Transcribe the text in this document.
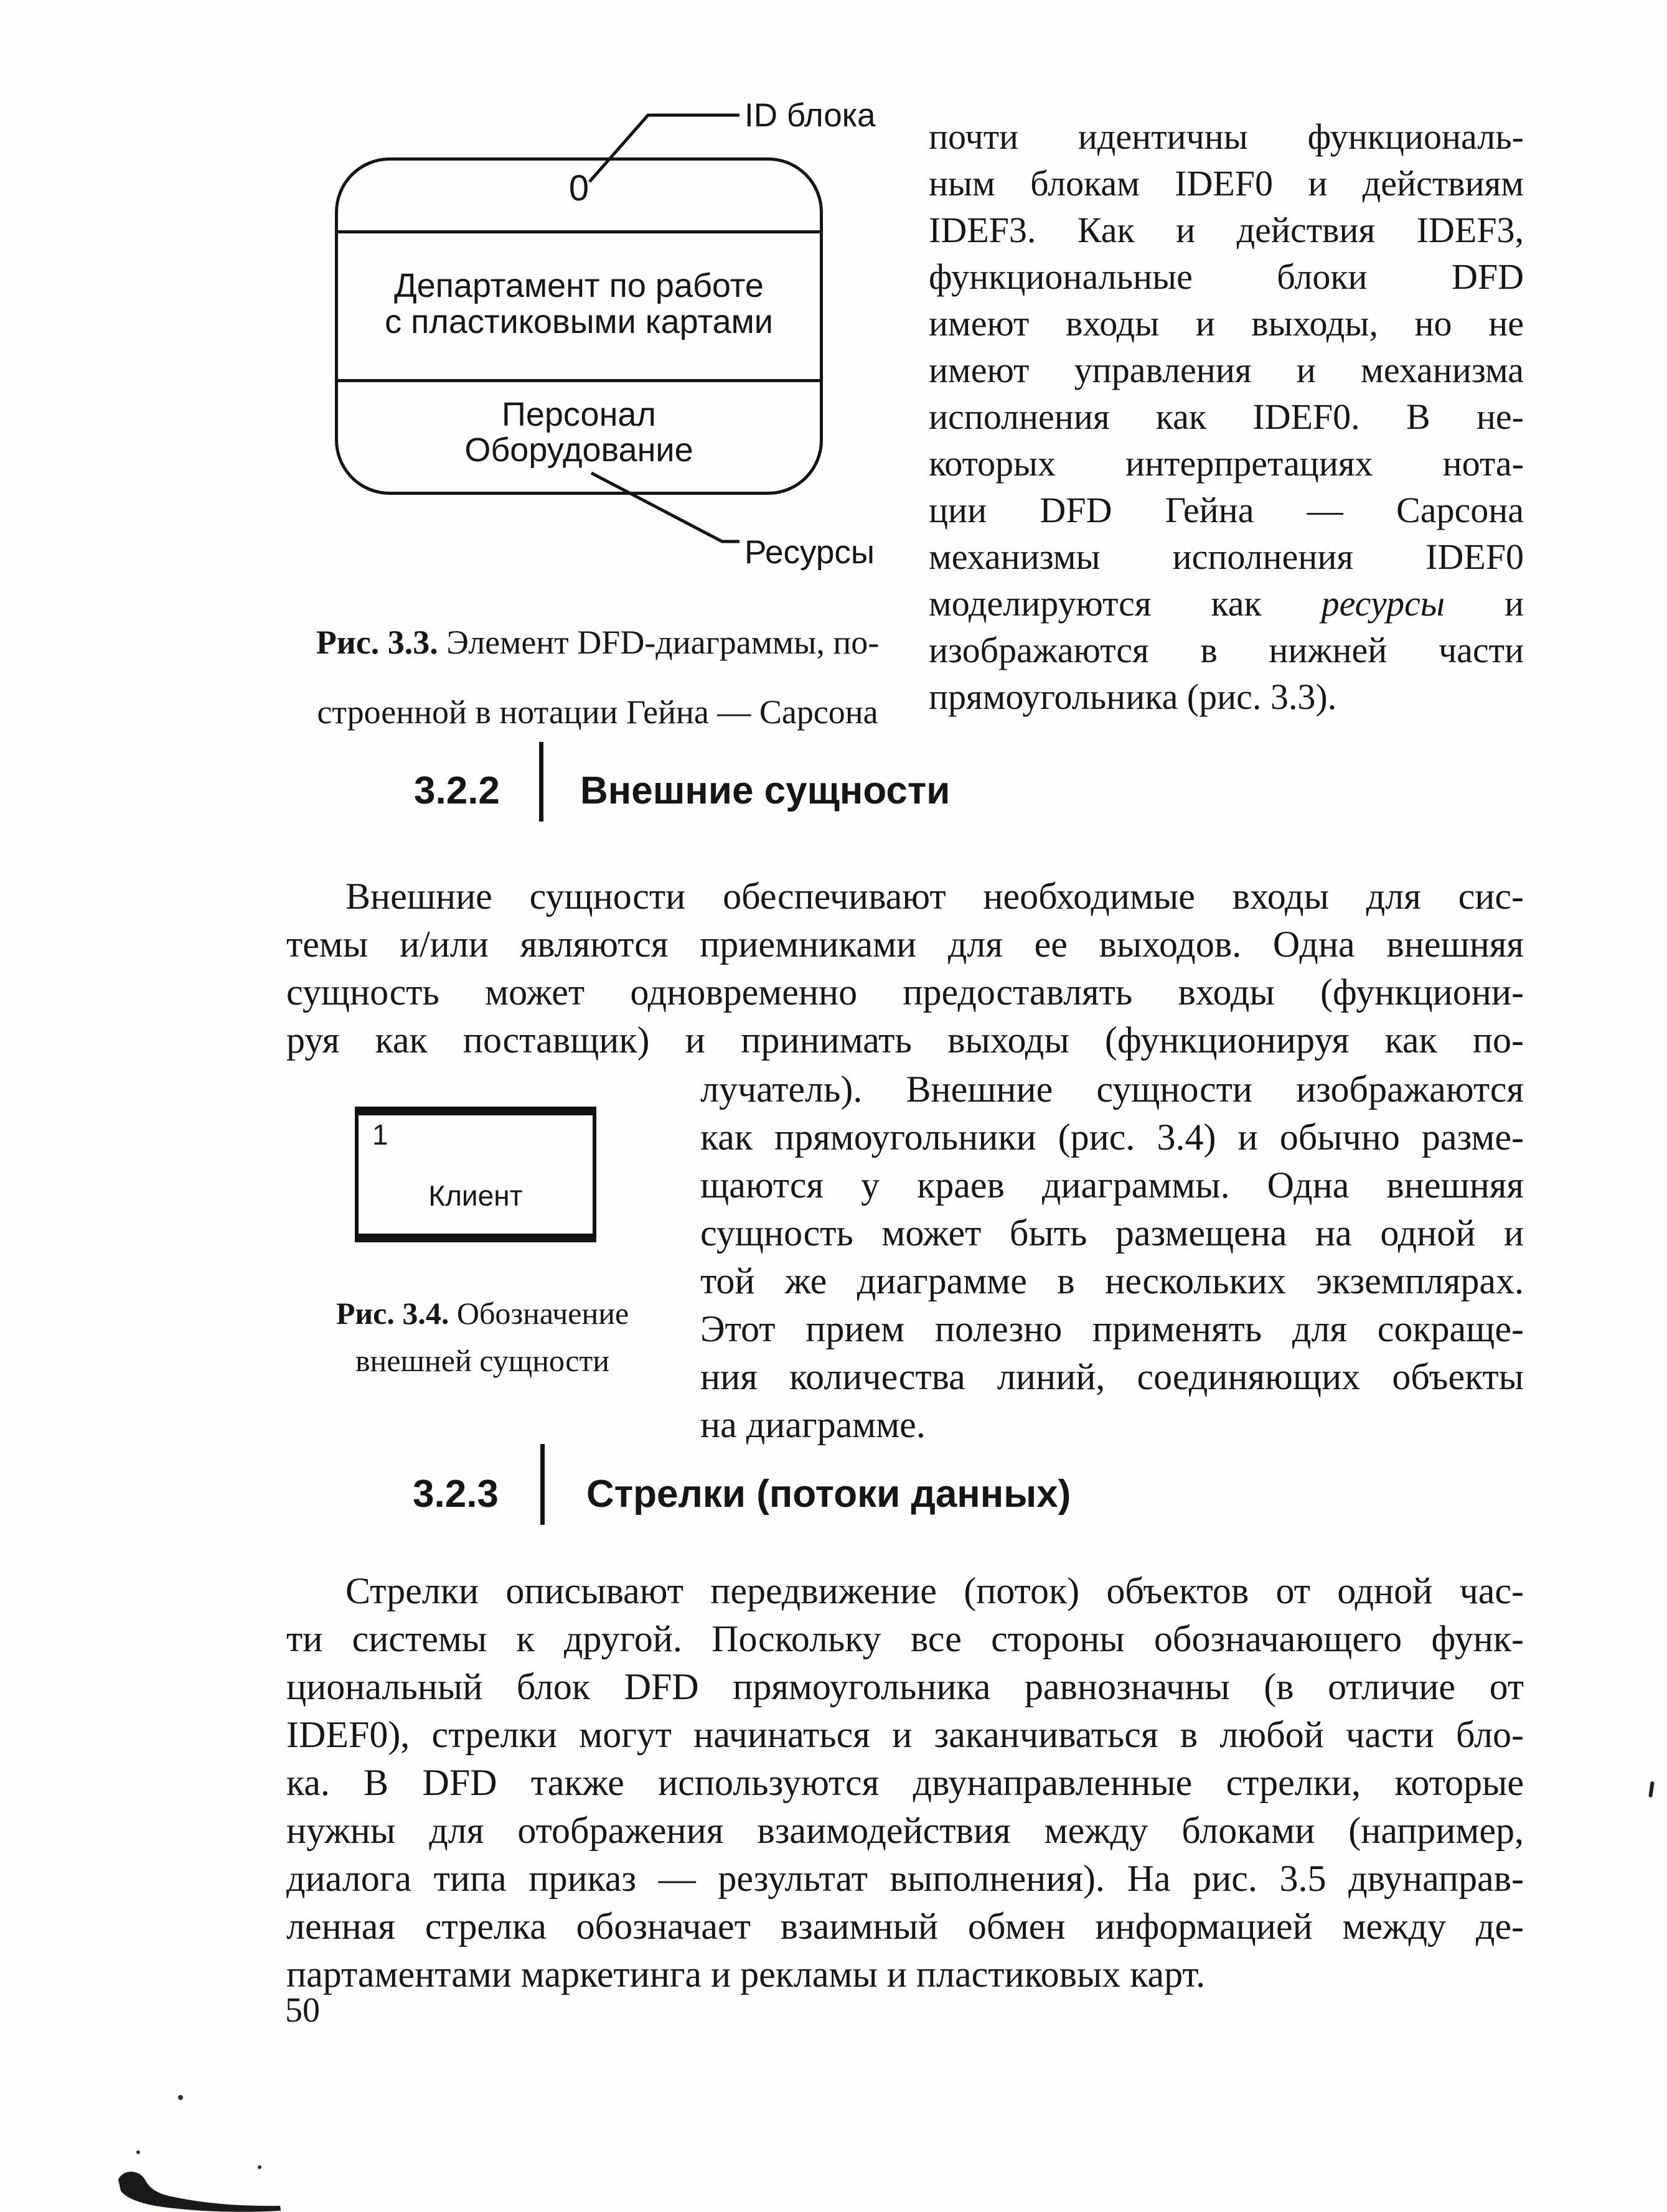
ID блока
0
Департамент по работе
с пластиковыми картами
Персонал
Оборудование
Ресурсы
Рис. 3.3. Элемент DFD-диаграммы, по-
строенной в нотации Гейна — Сарсона
почти идентичны функциональ-
ным блокам IDEF0 и действиям
IDEF3. Как и действия IDEF3,
функциональные блоки DFD
имеют входы и выходы, но не
имеют управления и механизма
исполнения как IDEF0. В не-
которых интерпретациях нота-
ции DFD Гейна — Сарсона
механизмы исполнения IDEF0
моделируются как ресурсы и
изображаются в нижней части
прямоугольника (рис. 3.3).
3.2.2 Внешние сущности
Внешние сущности обеспечивают необходимые входы для сис-
темы и/или являются приемниками для ее выходов. Одна внешняя
сущность может одновременно предоставлять входы (функциони-
руя как поставщик) и принимать выходы (функционируя как по-
лучатель). Внешние сущности изображаются
как прямоугольники (рис. 3.4) и обычно разме-
щаются у краев диаграммы. Одна внешняя
сущность может быть размещена на одной и
той же диаграмме в нескольких экземплярах.
Этот прием полезно применять для сокраще-
ния количества линий, соединяющих объекты
на диаграмме.
1
Клиент
Рис. 3.4. Обозначение
внешней сущности
3.2.3 Стрелки (потоки данных)
Стрелки описывают передвижение (поток) объектов от одной час-
ти системы к другой. Поскольку все стороны обозначающего функ-
циональный блок DFD прямоугольника равнозначны (в отличие от
IDEF0), стрелки могут начинаться и заканчиваться в любой части бло-
ка. В DFD также используются двунаправленные стрелки, которые
нужны для отображения взаимодействия между блоками (например,
диалога типа приказ — результат выполнения). На рис. 3.5 двунаправ-
ленная стрелка обозначает взаимный обмен информацией между де-
партаментами маркетинга и рекламы и пластиковых карт.
50
